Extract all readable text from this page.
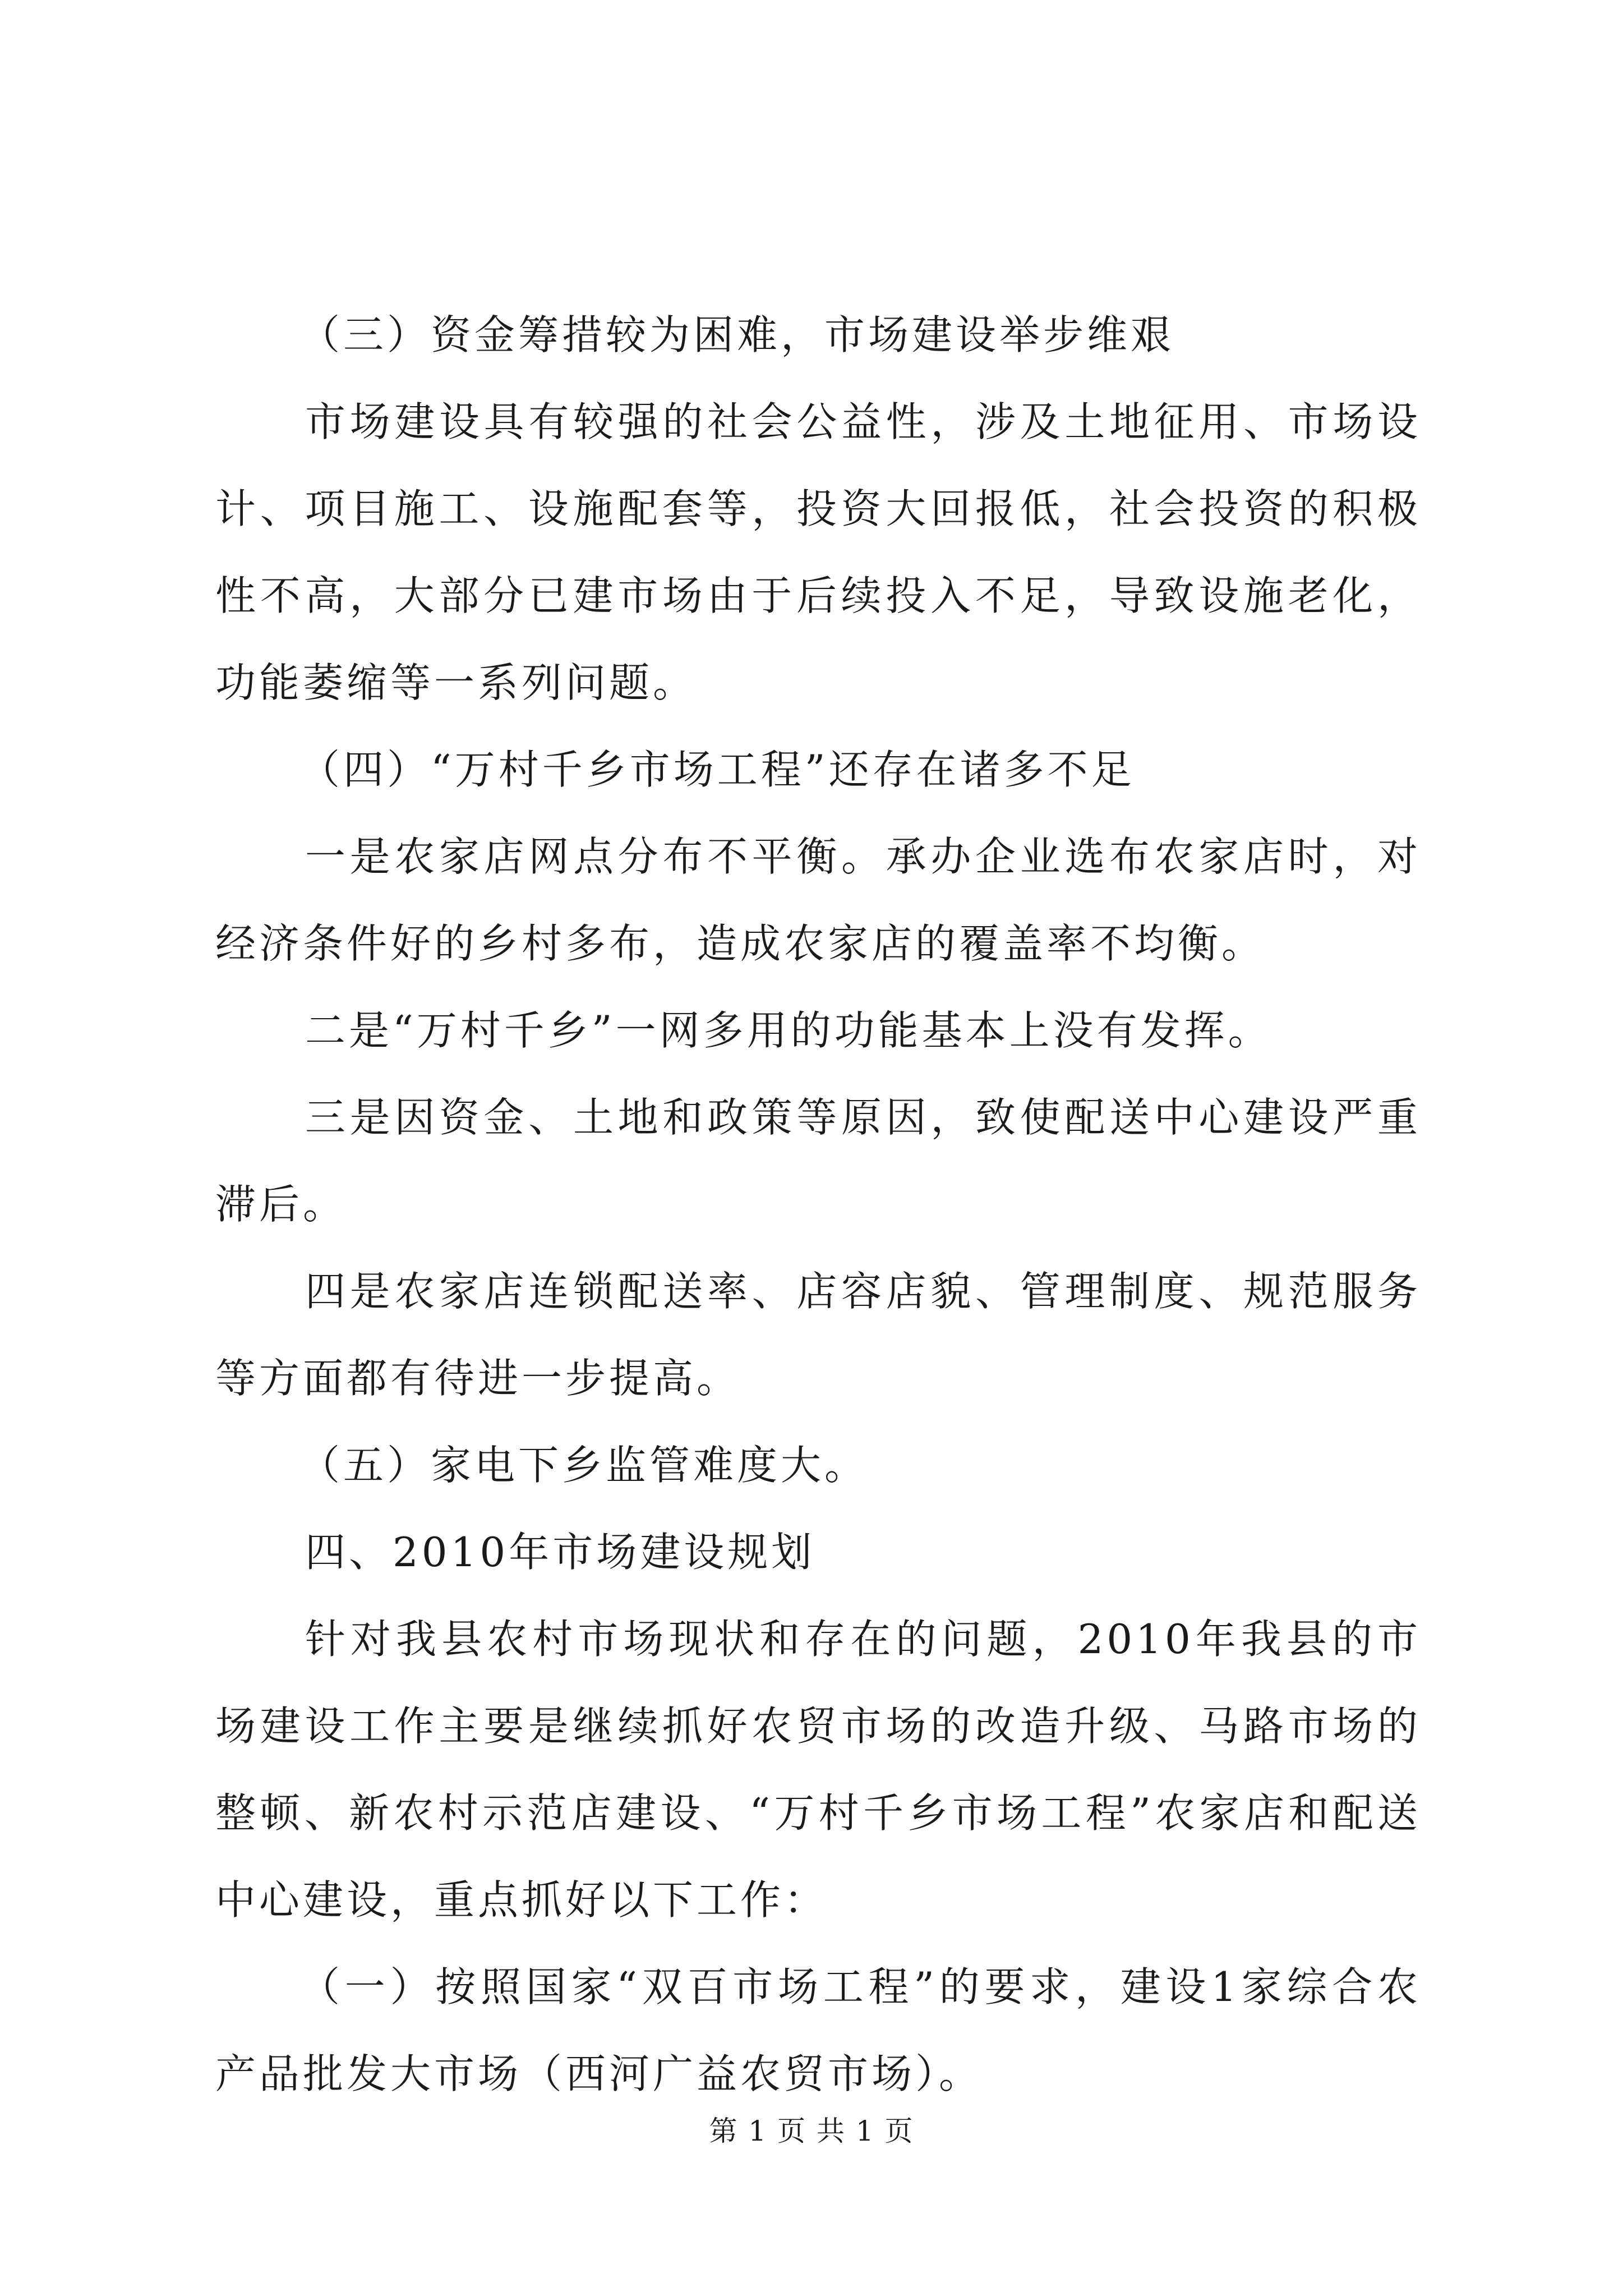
（三）资金筹措较为困难，市场建设举步维艰

市场建设具有较强的社会公益性，涉及土地征用、市场设计、项目施工、设施配套等，投资大回报低，社会投资的积极性不高，大部分已建市场由于后续投入不足，导致设施老化，功能萎缩等一系列问题。

（四）“万村千乡市场工程”还存在诸多不足

一是农家店网点分布不平衡。承办企业选布农家店时，对经济条件好的乡村多布，造成农家店的覆盖率不均衡。

二是“万村千乡”一网多用的功能基本上没有发挥。

三是因资金、土地和政策等原因，致使配送中心建设严重滞后。

四是农家店连锁配送率、店容店貌、管理制度、规范服务等方面都有待进一步提高。

（五）家电下乡监管难度大。

四、2010年市场建设规划

针对我县农村市场现状和存在的问题，2010年我县的市场建设工作主要是继续抓好农贸市场的改造升级、马路市场的整顿、新农村示范店建设、“万村千乡市场工程”农家店和配送中心建设，重点抓好以下工作：

（一）按照国家“双百市场工程”的要求，建设1家综合农产品批发大市场（西河广益农贸市场）。

第 1 页 共 1 页
